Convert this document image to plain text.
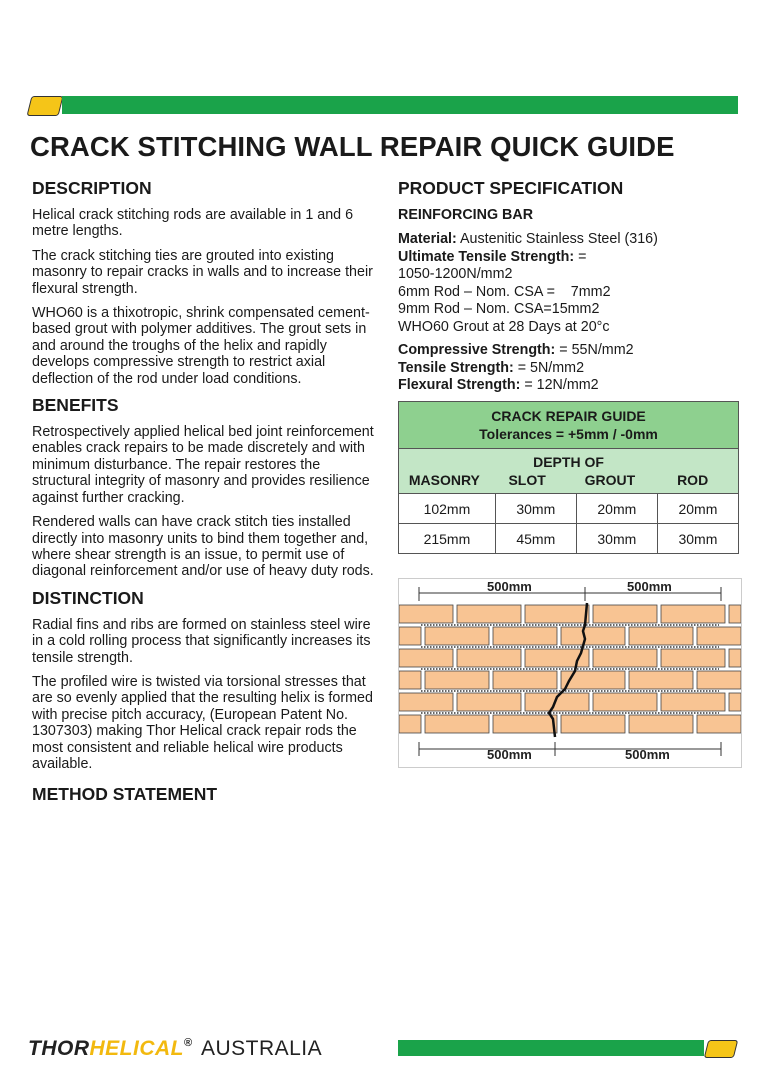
CRACK STITCHING WALL REPAIR QUICK GUIDE
DESCRIPTION

Helical crack stitching rods are available in 1 and 6 metre lengths.

The crack stitching ties are grouted into existing masonry to repair cracks in walls and to increase their flexural strength.

WHO60 is a thixotropic, shrink compensated cement-based grout with polymer additives. The grout sets in and around the troughs of the helix and rapidly develops compressive strength to restrict axial deflection of the rod under load conditions.

BENEFITS

Retrospectively applied helical bed joint reinforcement enables crack repairs to be made discretely and with minimum disturbance. The repair restores the structural integrity of masonry and provides resilience against further cracking.

Rendered walls can have crack stitch ties installed directly into masonry units to bind them together and, where shear strength is an issue, to permit use of diagonal reinforcement and/or use of heavy duty rods.

DISTINCTION

Radial fins and ribs are formed on stainless steel wire in a cold rolling process that significantly increases its tensile strength.

The profiled wire is twisted via torsional stresses that are so evenly applied that the resulting helix is formed with precise pitch accuracy, (European Patent No. 1307303) making Thor Helical crack repair rods the most consistent and reliable helical wire products available.

METHOD STATEMENT
PRODUCT SPECIFICATION
REINFORCING BAR
Material: Austenitic Stainless Steel (316)
Ultimate Tensile Strength: =
1050-1200N/mm2
6mm Rod – Nom. CSA =    7mm2
9mm Rod – Nom. CSA=15mm2
WHO60 Grout at 28 Days at 20°c
Compressive Strength: = 55N/mm2
Tensile Strength: = 5N/mm2
Flexural Strength: = 12N/mm2
CRACK REPAIR GUIDE
Tolerances = +5mm / -0mm			

DEPTH OF
MASONRY SLOT GROUT ROD			

102mm	30mm	20mm	20mm
215mm	45mm	30mm	30mm
500mm	500mm
500mm	500mm
THORHELICAL® AUSTRALIA
